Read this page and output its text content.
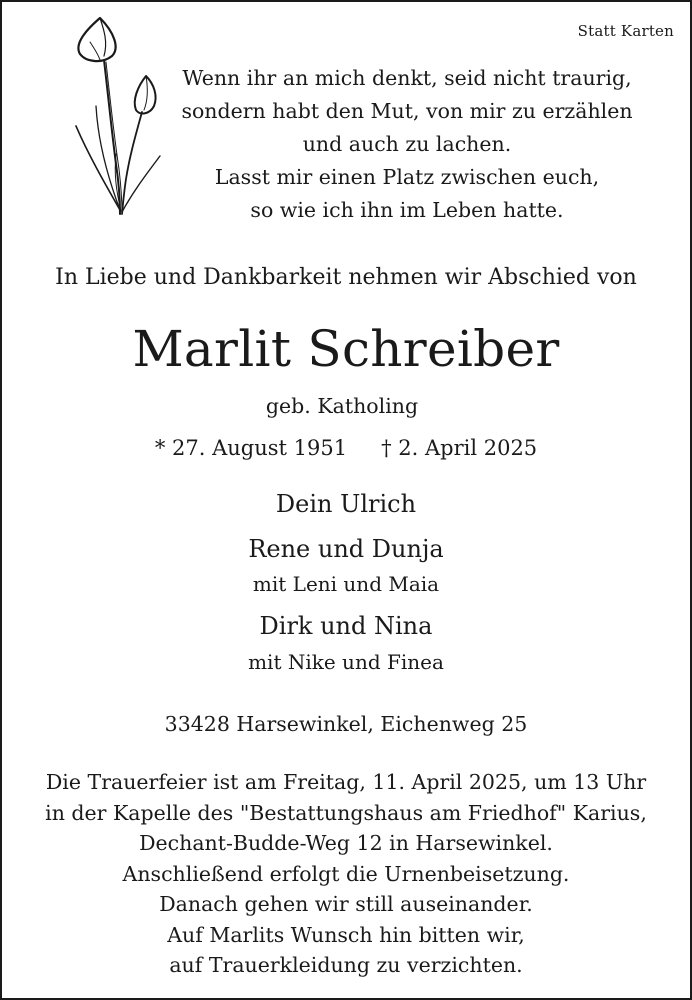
Statt Karten
Wenn ihr an mich denkt, seid nicht traurig,
sondern habt den Mut, von mir zu erzählen
und auch zu lachen.
Lasst mir einen Platz zwischen euch,
so wie ich ihn im Leben hatte.
In Liebe und Dankbarkeit nehmen wir Abschied von
Marlit Schreiber
geb. Katholing
* 27. August 1951 † 2. April 2025
Dein Ulrich
Rene und Dunja
mit Leni und Maia
Dirk und Nina
mit Nike und Finea
33428 Harsewinkel, Eichenweg 25
Die Trauerfeier ist am Freitag, 11. April 2025, um 13 Uhr
in der Kapelle des "Bestattungshaus am Friedhof" Karius,
Dechant-Budde-Weg 12 in Harsewinkel.
Anschließend erfolgt die Urnenbeisetzung.
Danach gehen wir still auseinander.
Auf Marlits Wunsch hin bitten wir,
auf Trauerkleidung zu verzichten.
